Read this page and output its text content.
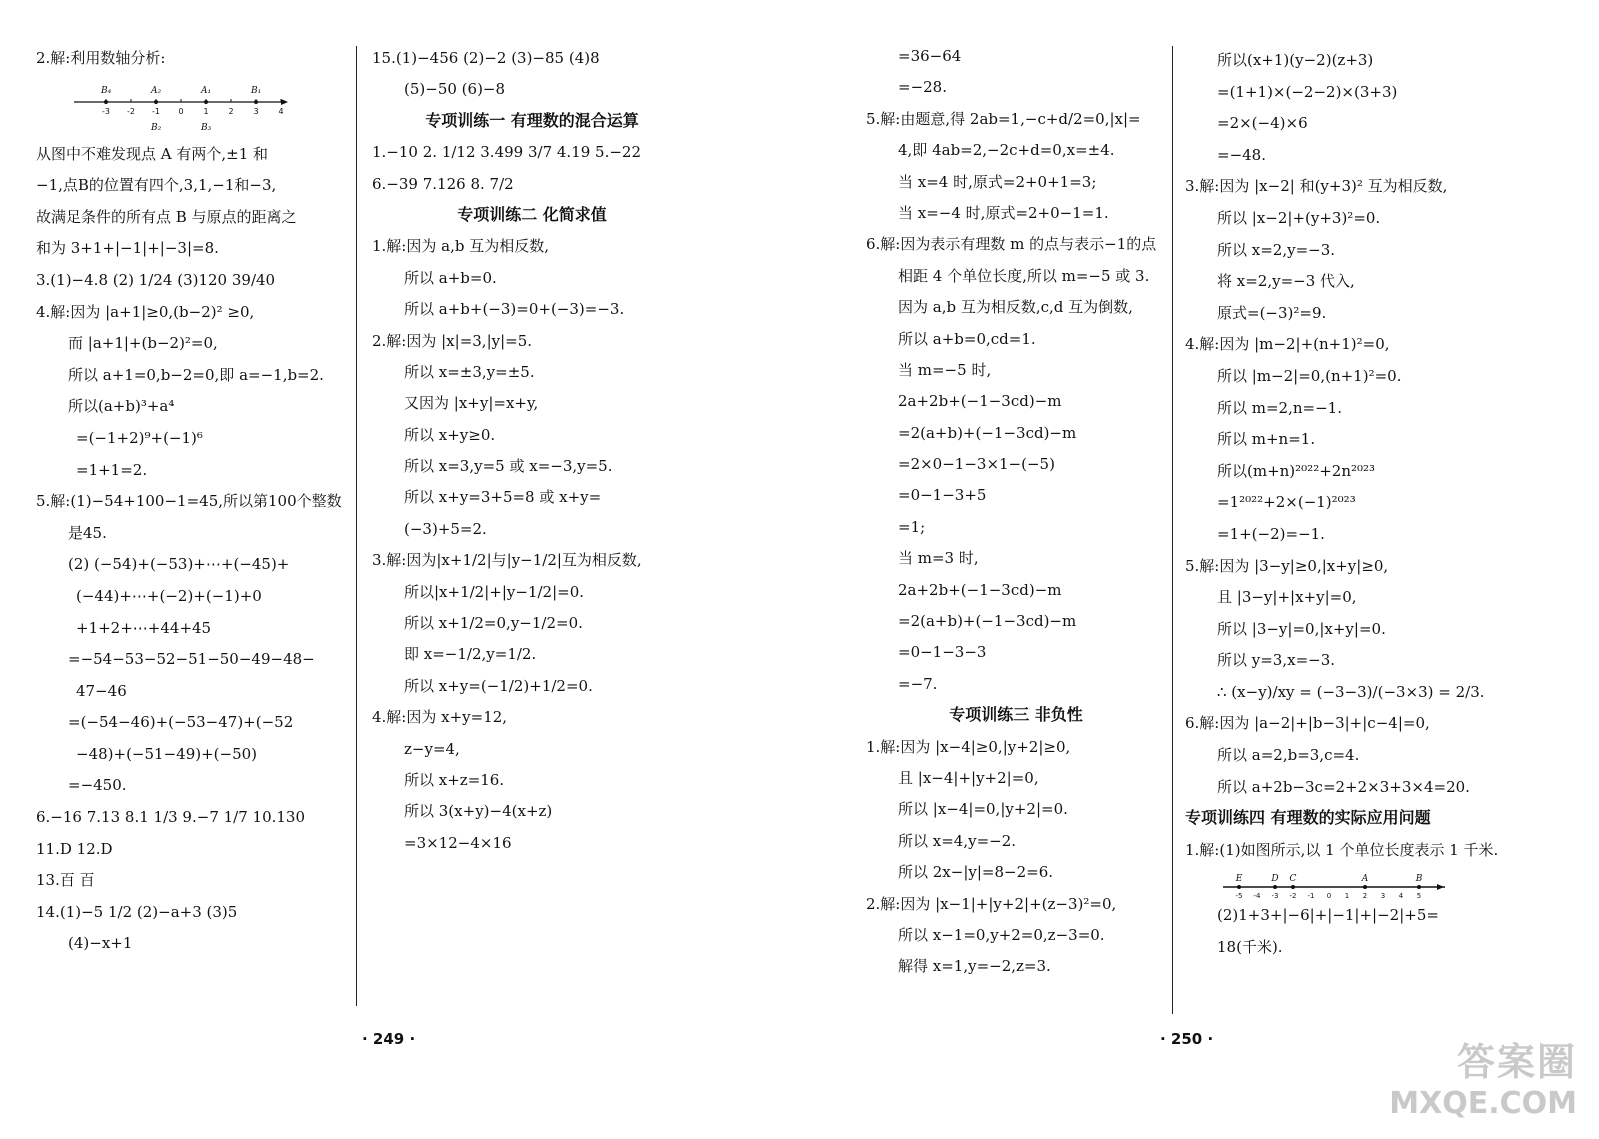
2.解:利用数轴分析:
B₄	A₂	A₁	B₁
B₂	B₃
-3 -2 -1 0 1 2 3 4
从图中不难发现点 A 有两个,±1 和
−1,点B的位置有四个,3,1,−1和−3,
故满足条件的所有点 B 与原点的距离之
和为 3+1+|−1|+|−3|=8.
3.(1)−4.8 (2) 1/24 (3)120 39/40
4.解:因为 |a+1|≥0,(b−2)² ≥0,
而 |a+1|+(b−2)²=0,
所以 a+1=0,b−2=0,即 a=−1,b=2.
所以(a+b)³+a⁴
=(−1+2)⁹+(−1)⁶
=1+1=2.
5.解:(1)−54+100−1=45,所以第100个整数
是45.
(2) (−54)+(−53)+⋯+(−45)+
(−44)+⋯+(−2)+(−1)+0
+1+2+⋯+44+45
=−54−53−52−51−50−49−48−
47−46
=(−54−46)+(−53−47)+(−52
−48)+(−51−49)+(−50)
=−450.
6.−16 7.13 8.1 1/3 9.−7 1/7 10.130
11.D 12.D
13.百 百
14.(1)−5 1/2 (2)−a+3 (3)5
(4)−x+1
15.(1)−456 (2)−2 (3)−85 (4)8
(5)−50 (6)−8
专项训练一 有理数的混合运算
1.−10 2. 1/12 3.499 3/7 4.19 5.−22
6.−39 7.126 8. 7/2
专项训练二 化简求值
1.解:因为 a,b 互为相反数,
所以 a+b=0.
所以 a+b+(−3)=0+(−3)=−3.
2.解:因为 |x|=3,|y|=5.
所以 x=±3,y=±5.
又因为 |x+y|=x+y,
所以 x+y≥0.
所以 x=3,y=5 或 x=−3,y=5.
所以 x+y=3+5=8 或 x+y=
(−3)+5=2.
3.解:因为|x+1/2|与|y−1/2|互为相反数,
所以|x+1/2|+|y−1/2|=0.
所以 x+1/2=0,y−1/2=0.
即 x=−1/2,y=1/2.
所以 x+y=(−1/2)+1/2=0.
4.解:因为 x+y=12,
z−y=4,
所以 x+z=16.
所以 3(x+y)−4(x+z)
=3×12−4×16
· 249 ·
=36−64
=−28.
5.解:由题意,得 2ab=1,−c+d/2=0,|x|=
4,即 4ab=2,−2c+d=0,x=±4.
当 x=4 时,原式=2+0+1=3;
当 x=−4 时,原式=2+0−1=1.
6.解:因为表示有理数 m 的点与表示−1的点
相距 4 个单位长度,所以 m=−5 或 3.
因为 a,b 互为相反数,c,d 互为倒数,
所以 a+b=0,cd=1.
当 m=−5 时,
2a+2b+(−1−3cd)−m
=2(a+b)+(−1−3cd)−m
=2×0−1−3×1−(−5)
=0−1−3+5
=1;
当 m=3 时,
2a+2b+(−1−3cd)−m
=2(a+b)+(−1−3cd)−m
=0−1−3−3
=−7.
专项训练三 非负性
1.解:因为 |x−4|≥0,|y+2|≥0,
且 |x−4|+|y+2|=0,
所以 |x−4|=0,|y+2|=0.
所以 x=4,y=−2.
所以 2x−|y|=8−2=6.
2.解:因为 |x−1|+|y+2|+(z−3)²=0,
所以 x−1=0,y+2=0,z−3=0.
解得 x=1,y=−2,z=3.
所以(x+1)(y−2)(z+3)
=(1+1)×(−2−2)×(3+3)
=2×(−4)×6
=−48.
3.解:因为 |x−2| 和(y+3)² 互为相反数,
所以 |x−2|+(y+3)²=0.
所以 x=2,y=−3.
将 x=2,y=−3 代入,
原式=(−3)²=9.
4.解:因为 |m−2|+(n+1)²=0,
所以 |m−2|=0,(n+1)²=0.
所以 m=2,n=−1.
所以 m+n=1.
所以(m+n)²⁰²²+2n²⁰²³
=1²⁰²²+2×(−1)²⁰²³
=1+(−2)=−1.
5.解:因为 |3−y|≥0,|x+y|≥0,
且 |3−y|+|x+y|=0,
所以 |3−y|=0,|x+y|=0.
所以 y=3,x=−3.
∴ (x−y)/xy = (−3−3)/(−3×3) = 2/3.
6.解:因为 |a−2|+|b−3|+|c−4|=0,
所以 a=2,b=3,c=4.
所以 a+2b−3c=2+2×3+3×4=20.
专项训练四 有理数的实际应用问题
1.解:(1)如图所示,以 1 个单位长度表示 1 千米.
E	D C	A	B
-5 -4 -3 -2 -1 0 1 2 3 4 5
(2)1+3+|−6|+|−1|+|−2|+5=
18(千米).
· 250 ·
答案圈
MXQE.COM
